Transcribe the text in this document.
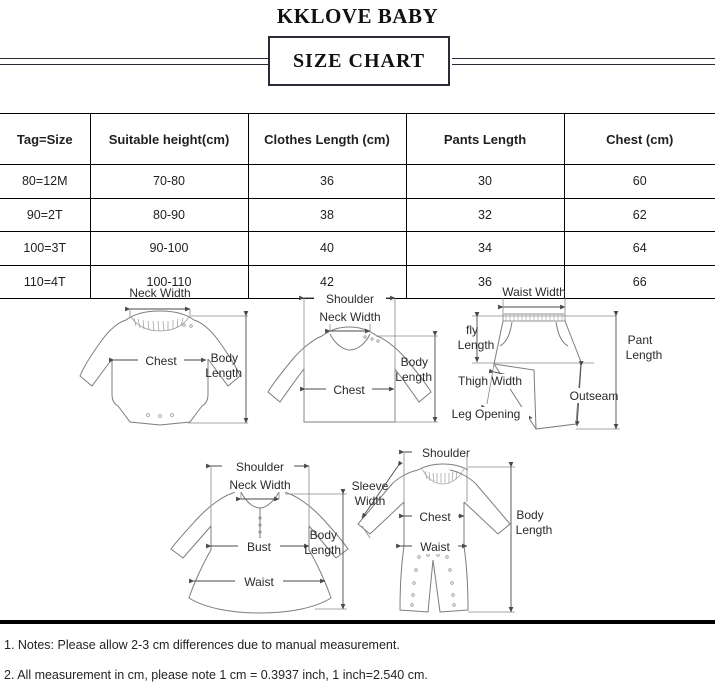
KKLOVE BABY
SIZE CHART
Tag=Size	Suitable height(cm)	Clothes Length (cm)	Pants Length	Chest (cm)
80=12M	70-80	36	30	60
90=2T	80-90	38	32	62
100=3T	90-100	40	34	64
110=4T	100-110	42	36	66
Neck Width
Chest	Body
Length
Shoulder
Neck Width
Chest
Body
Length
Waist Width
fly
Length
Thigh Width
Leg Opening
Outseam
Pant
Length
Shoulder
Neck Width
Bust
Waist
Body
Length
Shoulder
Sleeve
Width
Chest
Waist
Body
Length
1. Notes: Please allow 2-3 cm differences due to manual measurement.
2. All measurement in cm, please note 1 cm = 0.3937 inch, 1 inch=2.540 cm.
